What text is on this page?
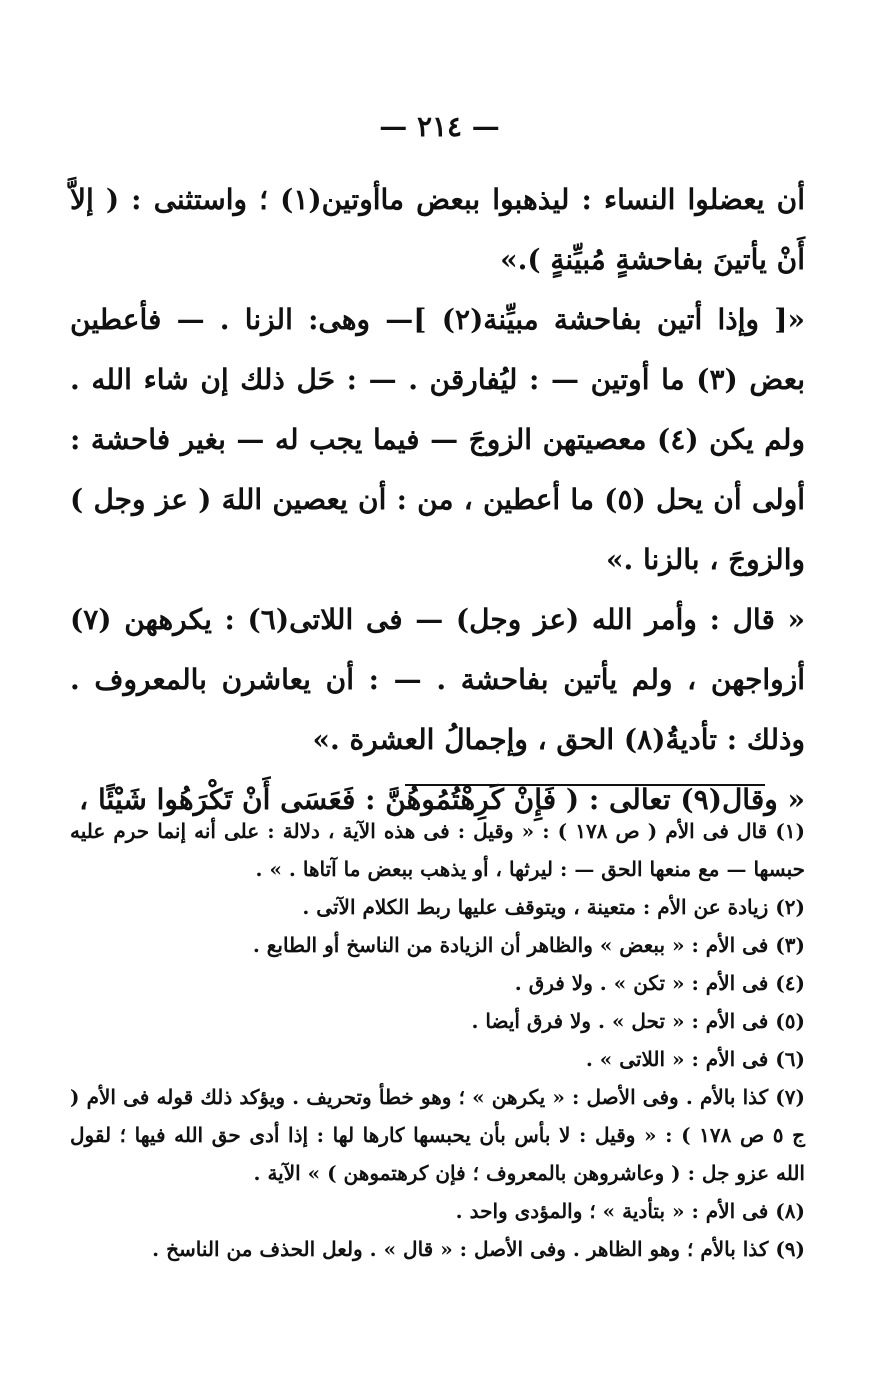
— ٢١٤ —

أن يعضلوا النساء : ليذهبوا ببعض ماأوتين(١) ؛ واستثنى : ( إلاَّ أَنْ يأتينَ بفاحشةٍ مُبيِّنةٍ ).»

«[ وإذا أتين بفاحشة مبيِّنة(٢) ]— وهى: الزنا . — فأعطين بعض (٣) ما أوتين — : ليُفارقن . — : حَل ذلك إن شاء الله . ولم يكن (٤) معصيتهن الزوجَ — فيما يجب له — بغير فاحشة : أولى أن يحل (٥) ما أعطين ، من : أن يعصين اللهَ ( عز وجل ) والزوجَ ، بالزنا .»

« قال : وأمر الله (عز وجل) — فى اللاتى(٦) : يكرههن (٧) أزواجهن ، ولم يأتين بفاحشة . — : أن يعاشرن بالمعروف . وذلك : تأديةُ(٨) الحق ، وإجمالُ العشرة .»

« وقال(٩) تعالى : ( فَإِنْ كَرِهْتُمُوهُنَّ : فَعَسَى أَنْ تَكْرَهُوا شَيْئًا ،

(١) قال فى الأم ( ص ١٧٨ ) : « وقيل : فى هذه الآية ، دلالة : على أنه إنما حرم عليه حبسها — مع منعها الحق — : ليرثها ، أو يذهب ببعض ما آتاها . » .

(٢) زيادة عن الأم : متعينة ، ويتوقف عليها ربط الكلام الآتى .

(٣) فى الأم : « ببعض » والظاهر أن الزيادة من الناسخ أو الطابع .

(٤) فى الأم : « تكن » . ولا فرق .

(٥) فى الأم : « تحل » . ولا فرق أيضا .

(٦) فى الأم : « اللاتى » .

(٧) كذا بالأم . وفى الأصل : « يكرهن » ؛ وهو خطأ وتحريف . ويؤكد ذلك قوله فى الأم ( ج ٥ ص ١٧٨ ) : « وقيل : لا بأس بأن يحبسها كارها لها : إذا أدى حق الله فيها ؛ لقول الله عزو جل : ( وعاشروهن بالمعروف ؛ فإن كرهتموهن ) » الآية .

(٨) فى الأم : « بتأدية » ؛ والمؤدى واحد .

(٩) كذا بالأم ؛ وهو الظاهر . وفى الأصل : « قال » . ولعل الحذف من الناسخ .
